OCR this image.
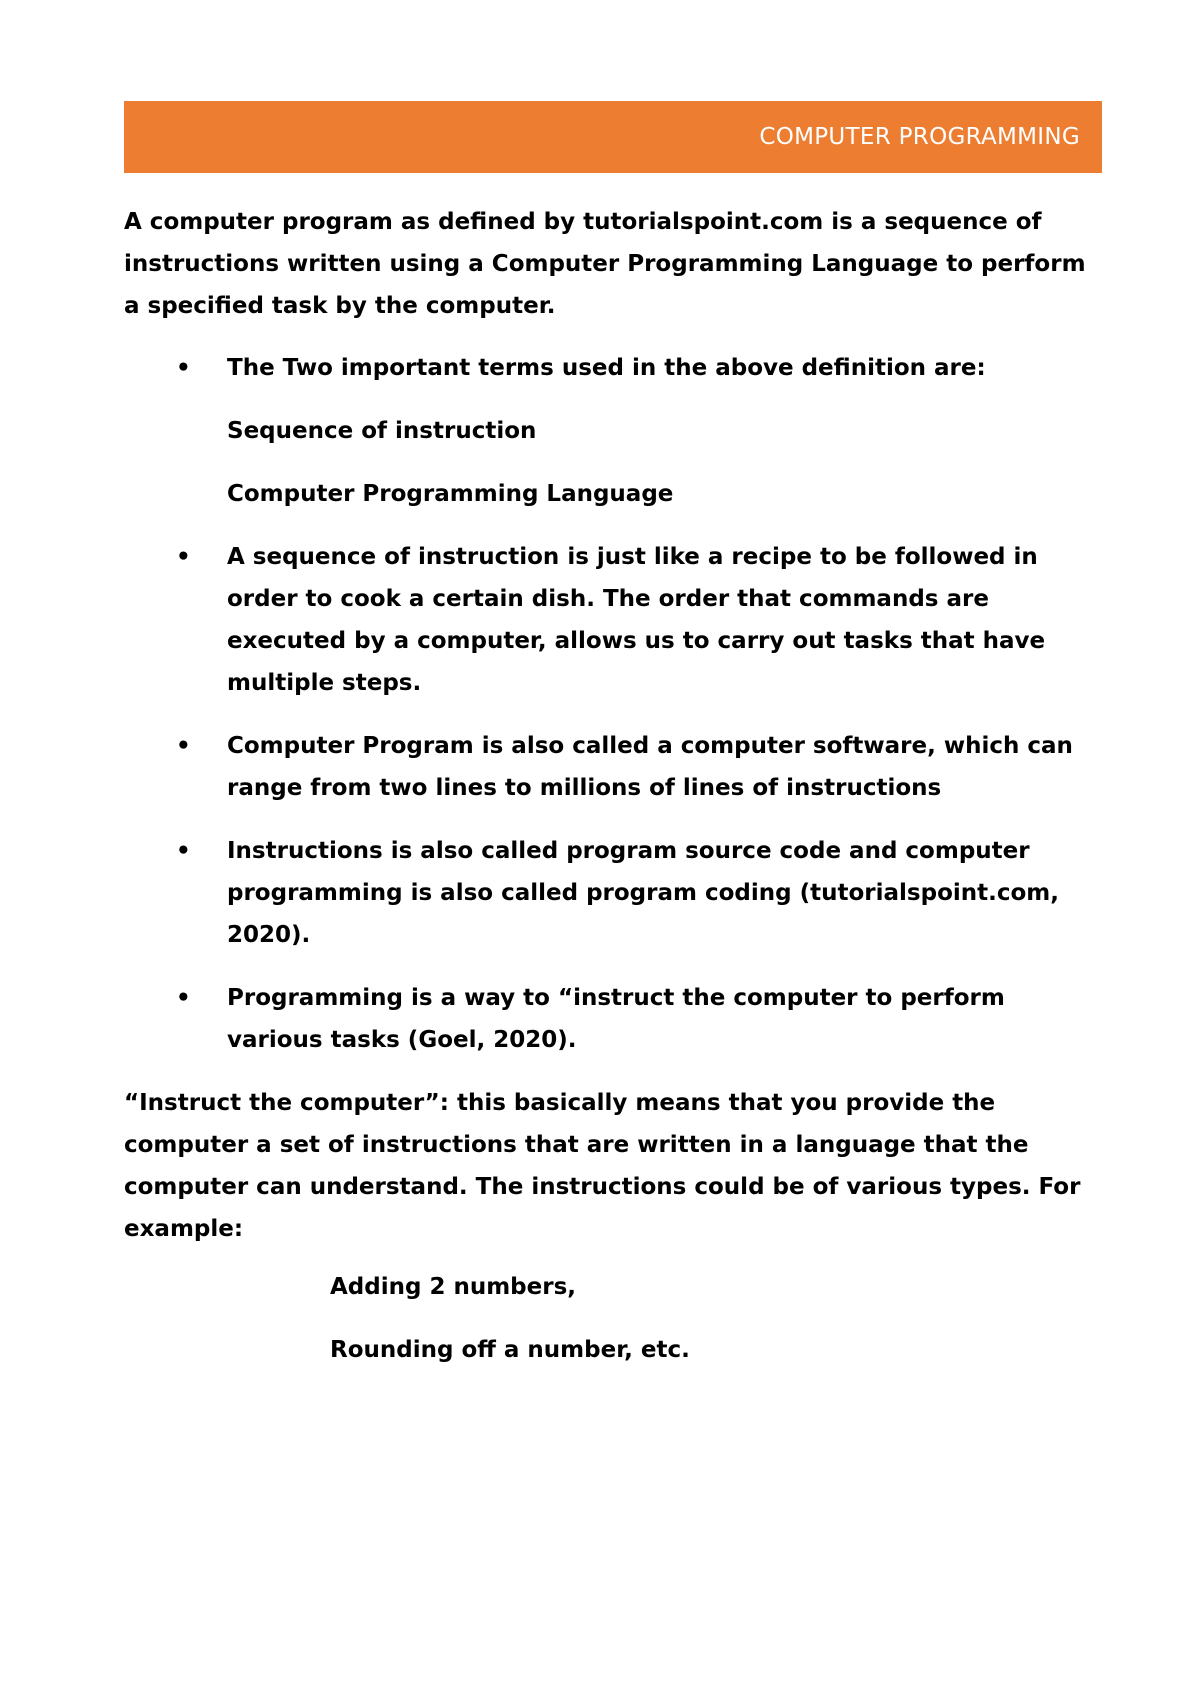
COMPUTER PROGRAMMING

A computer program as defined by tutorialspoint.com is a sequence of instructions written using a Computer Programming Language to perform a specified task by the computer.

• The Two important terms used in the above definition are:

Sequence of instruction

Computer Programming Language

• A sequence of instruction is just like a recipe to be followed in order to cook a certain dish. The order that commands are executed by a computer, allows us to carry out tasks that have multiple steps.

• Computer Program is also called a computer software, which can range from two lines to millions of lines of instructions

• Instructions is also called program source code and computer programming is also called program coding (tutorialspoint.com, 2020).

• Programming is a way to “instruct the computer to perform various tasks (Goel, 2020).

“Instruct the computer”: this basically means that you provide the computer a set of instructions that are written in a language that the computer can understand. The instructions could be of various types. For example:

Adding 2 numbers,

Rounding off a number, etc.
